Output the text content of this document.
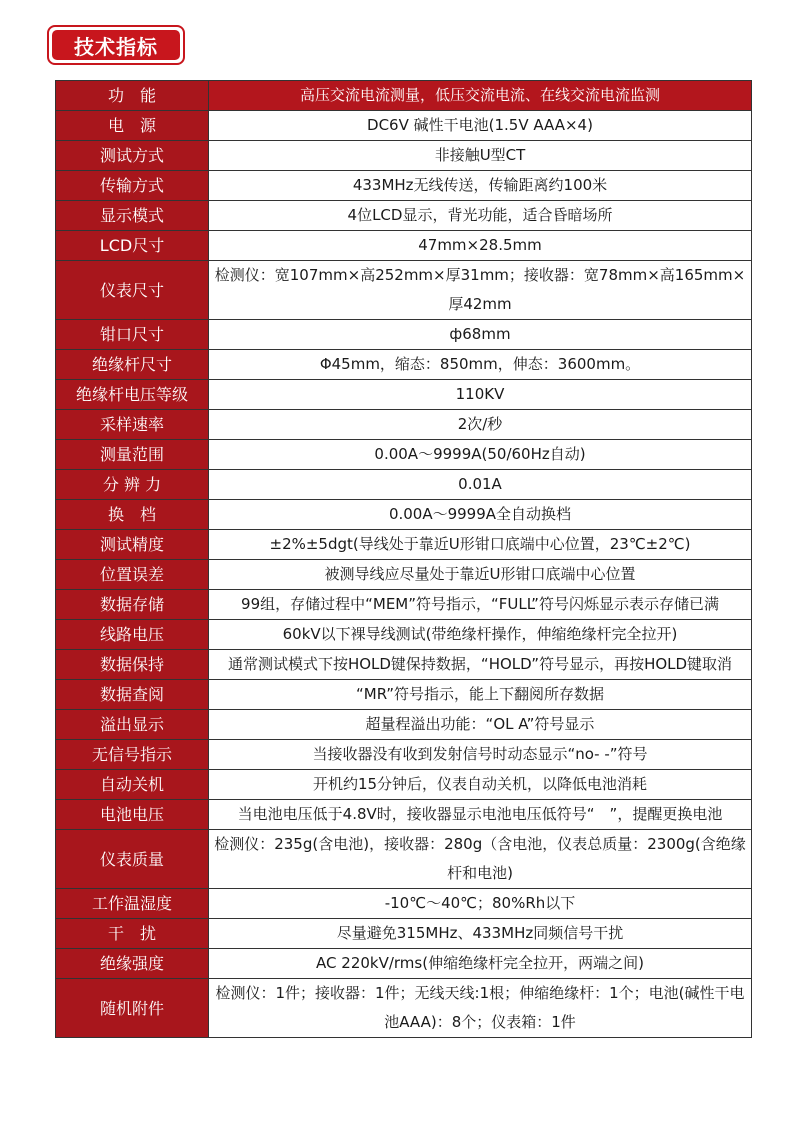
技术指标
功　能	高压交流电流测量，低压交流电流、在线交流电流监测
电　源	DC6V 碱性干电池(1.5V AAA×4)
测试方式	非接触U型CT
传输方式	433MHz无线传送，传输距离约100米
显示模式	4位LCD显示，背光功能，适合昏暗场所
LCD尺寸	47mm×28.5mm
仪表尺寸	检测仪：宽107mm×高252mm×厚31mm；接收器：宽78mm×高165mm×厚42mm
钳口尺寸	ф68mm
绝缘杆尺寸	Φ45mm，缩态：850mm，伸态：3600mm。
绝缘杆电压等级	110KV
采样速率	2次/秒
测量范围	0.00A～9999A(50/60Hz自动)
分 辨 力	0.01A
换　档	0.00A～9999A全自动换档
测试精度	±2%±5dgt(导线处于靠近U形钳口底端中心位置，23℃±2℃)
位置误差	被测导线应尽量处于靠近U形钳口底端中心位置
数据存储	99组，存储过程中“MEM”符号指示，“FULL”符号闪烁显示表示存储已满
线路电压	60kV以下裸导线测试(带绝缘杆操作，伸缩绝缘杆完全拉开)
数据保持	通常测试模式下按HOLD键保持数据，“HOLD”符号显示，再按HOLD键取消
数据查阅	“MR”符号指示，能上下翻阅所存数据
溢出显示	超量程溢出功能：“OL A”符号显示
无信号指示	当接收器没有收到发射信号时动态显示“no- -”符号
自动关机	开机约15分钟后，仪表自动关机，以降低电池消耗
电池电压	当电池电压低于4.8V时，接收器显示电池电压低符号“　”，提醒更换电池
仪表质量	检测仪：235g(含电池)，接收器：280g（含电池，仪表总质量：2300g(含绝缘杆和电池)
工作温湿度	-10℃～40℃；80%Rh以下
干　扰	尽量避免315MHz、433MHz同频信号干扰
绝缘强度	AC 220kV/rms(伸缩绝缘杆完全拉开，两端之间)
随机附件	检测仪：1件；接收器：1件；无线天线:1根；伸缩绝缘杆：1个；电池(碱性干电池AAA)：8个；仪表箱：1件
